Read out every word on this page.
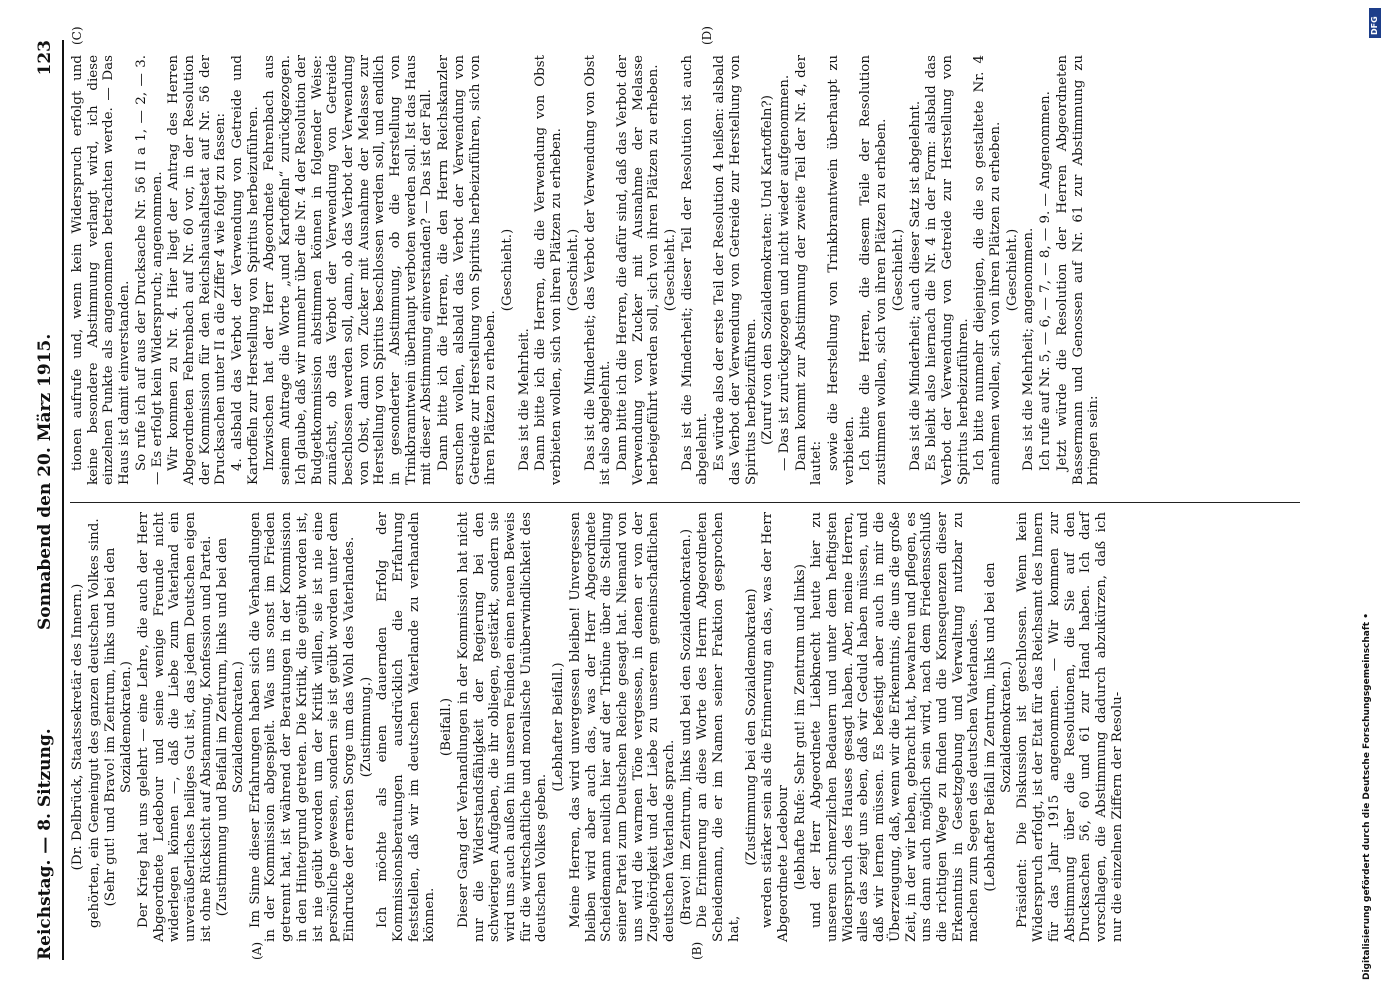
Reichstag. — 8. Sitzung.
Sonnabend den 20. März 1915.
123
(A)	(B)
(C)	(D)

(Dr. Delbrück, Staatssekretär des Innern.) gehörten, ein Gemeingut des ganzen deutschen Volkes sind. (Sehr gut! und Bravo! im Zentrum, links und bei den Sozialdemokraten.) Der Krieg hat uns gelehrt — eine Lehre, die auch der Herr Abgeordnete Ledebour und seine wenige Freunde nicht widerlegen können —, daß die Liebe zum Vaterland ein unveräußerliches heiliges Gut ist, das jedem Deutschen eigen ist ohne Rücksicht auf Abstammung, Konfession und Partei. (Zustimmung und Beifall im Zentrum, links und bei den Sozialdemokraten.) Im Sinne dieser Erfahrungen haben sich die Verhandlungen in der Kommission abgespielt. Was uns sonst im Frieden getrennt hat, ist während der Beratungen in der Kommission in den Hintergrund getreten. Die Kritik, die geübt worden ist, ist nie geübt worden um der Kritik willen, sie ist nie eine persönliche gewesen, sondern sie ist geübt worden unter dem Eindrucke der ernsten Sorge um das Wohl des Vaterlandes. (Zustimmung.) Ich möchte als einen dauernden Erfolg der Kommissionsberatungen ausdrücklich die Erfahrung feststellen, daß wir im deutschen Vaterlande zu verhandeln können.

(Beifall.) Dieser Gang der Verhandlungen in der Kommission hat nicht nur die Widerstandsfähigkeit der Regierung bei den schwierigen Aufgaben, die ihr obliegen, gestärkt, sondern sie wird uns auch außen hin unseren Feinden einen neuen Beweis für die wirtschaftliche und moralische Unüberwindlichkeit des deutschen Volkes geben.

(Lebhafter Beifall.) Meine Herren, das wird unvergessen bleiben! Unvergessen bleiben wird aber auch das, was der Herr Abgeordnete Scheidemann neulich hier auf der Tribüne über die Stellung seiner Partei zum Deutschen Reiche gesagt hat. Niemand von uns wird die warmen Töne vergessen, in denen er von der Zugehörigkeit und der Liebe zu unserem gemeinschaftlichen deutschen Vaterlande sprach. (Bravo! im Zentrum, links und bei den Sozialdemokraten.) Die Erinnerung an diese Worte des Herrn Abgeordneten Scheidemann, die er im Namen seiner Fraktion gesprochen hat,

(Zustimmung bei den Sozialdemokraten) werden stärker sein als die Erinnerung an das, was der Herr Abgeordnete Ledebour (lebhafte Rufe: Sehr gut! im Zentrum und links) und der Herr Abgeordnete Liebknecht heute hier zu unserem schmerzlichen Bedauern und unter dem heftigsten Widerspruch des Hauses gesagt haben. Aber, meine Herren, alles das zeigt uns eben, daß wir Geduld haben müssen, und daß wir lernen müssen. Es befestigt aber auch in mir die Überzeugung, daß, wenn wir die Erkenntnis, die uns die große Zeit, in der wir leben, gebracht hat, bewahren und pflegen, es uns dann auch möglich sein wird, nach dem Friedensschluß die richtigen Wege zu finden und die Konsequenzen dieser Erkenntnis in Gesetzgebung und Verwaltung nutzbar zu machen zum Segen des deutschen Vaterlandes. (Lebhafter Beifall im Zentrum, links und bei den Sozialdemokraten.) Präsident: Die Diskussion ist geschlossen. Wenn kein Widerspruch erfolgt, ist der Etat für das Reichsamt des Innern für das Jahr 1915 angenommen. — Wir kommen zur Abstimmung über die Resolutionen, die Sie auf den Drucksachen 56, 60 und 61 zur Hand haben. Ich darf vorschlagen, die Abstimmung dadurch abzukürzen, daß ich nur die einzelnen Ziffern der Resolu-

tionen aufrufe und, wenn kein Widerspruch erfolgt und keine besondere Abstimmung verlangt wird, ich diese einzelnen Punkte als angenommen betrachten werde. — Das Haus ist damit einverstanden. So rufe ich auf aus der Drucksache Nr. 56 II a 1, — 2, — 3. — Es erfolgt kein Widerspruch; angenommen. Wir kommen zu Nr. 4. Hier liegt der Antrag des Herren Abgeordneten Fehrenbach auf Nr. 60 vor, in der Resolution der Kommission für den Reichshaushaltsetat auf Nr. 56 der Drucksachen unter II a die Ziffer 4 wie folgt zu fassen: 4. alsbald das Verbot der Verwendung von Getreide und Kartoffeln zur Herstellung von Spiritus herbeizuführen. Inzwischen hat der Herr Abgeordnete Fehrenbach aus seinem Antrage die Worte „und Kartoffeln“ zurückgezogen. Ich glaube, daß wir nunmehr über die Nr. 4 der Resolution der Budgetkommission abstimmen können in folgender Weise: zunächst, ob das Verbot der Verwendung von Getreide beschlossen werden soll, dann, ob das Verbot der Verwendung von Obst, dann von Zucker mit Ausnahme der Melasse zur Herstellung von Spiritus beschlossen werden soll, und endlich in gesonderter Abstimmung, ob die Herstellung von Trinkbranntwein überhaupt verboten werden soll. Ist das Haus mit dieser Abstimmung einverstanden? — Das ist der Fall. Dann bitte ich die Herren, die den Herrn Reichskanzler ersuchen wollen, alsbald das Verbot der Verwendung von Getreide zur Herstellung von Spiritus herbeizuführen, sich von ihren Plätzen zu erheben.

(Geschieht.)

Das ist die Mehrheit. Dann bitte ich die Herren, die die Verwendung von Obst verbieten wollen, sich von ihren Plätzen zu erheben. (Geschieht.) Das ist die Minderheit; das Verbot der Verwendung von Obst ist also abgelehnt. Dann bitte ich die Herren, die dafür sind, daß das Verbot der Verwendung von Zucker mit Ausnahme der Melasse herbeigeführt werden soll, sich von ihren Plätzen zu erheben. (Geschieht.) Das ist die Minderheit; dieser Teil der Resolution ist auch abgelehnt. Es würde also der erste Teil der Resolution 4 heißen: alsbald das Verbot der Verwendung von Getreide zur Herstellung von Spiritus herbeizuführen. (Zuruf von den Sozialdemokraten: Und Kartoffeln?) — Das ist zurückgezogen und nicht wieder aufgenommen. Dann kommt zur Abstimmung der zweite Teil der Nr. 4, der lautet: sowie die Herstellung von Trinkbranntwein überhaupt zu verbieten. Ich bitte die Herren, die diesem Teile der Resolution zustimmen wollen, sich von ihren Plätzen zu erheben. (Geschieht.) Das ist die Minderheit; auch dieser Satz ist abgelehnt. Es bleibt also hiernach die Nr. 4 in der Form: alsbald das Verbot der Verwendung von Getreide zur Herstellung von Spiritus herbeizuführen. Ich bitte nunmehr diejenigen, die die so gestaltete Nr. 4 annehmen wollen, sich von ihren Plätzen zu erheben. (Geschieht.) Das ist die Mehrheit; angenommen. Ich rufe auf Nr. 5, — 6, — 7, — 8, — 9. — Angenommen. Jetzt würde die Resolution der Herren Abgeordneten Bassermann und Genossen auf Nr. 61 zur Abstimmung zu bringen sein:

Digitalisierung gefördert durch die Deutsche Forschungsgemeinschaft •
DFG
